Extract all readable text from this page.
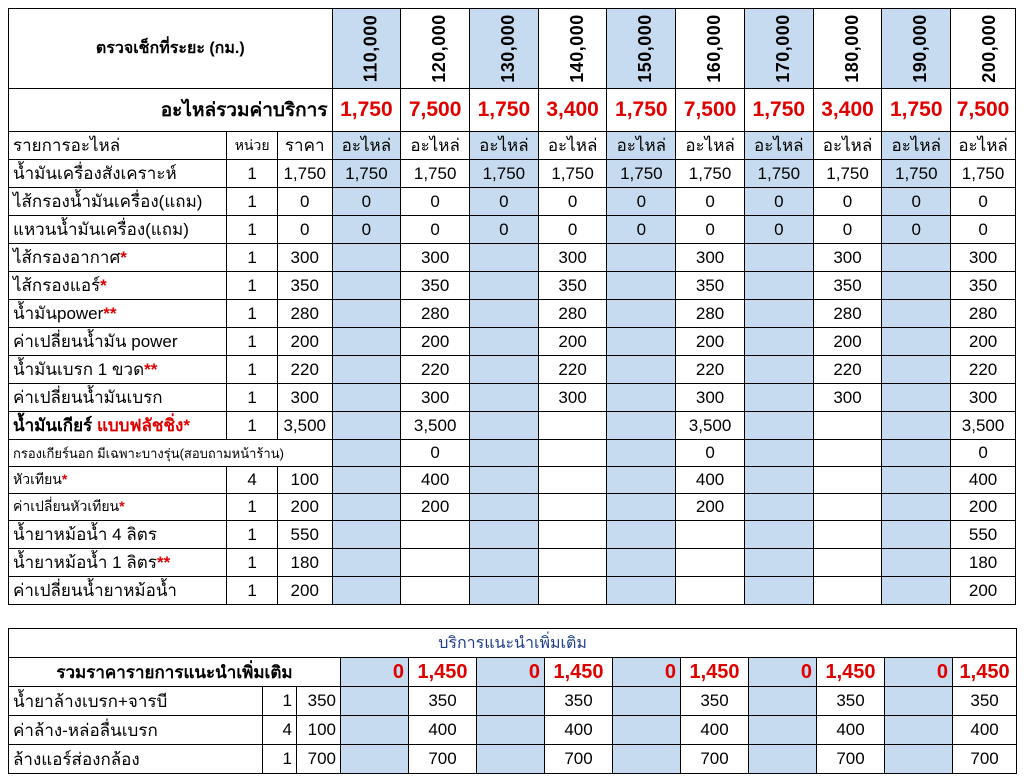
ตรวจเช็กที่ระยะ (กม.)			110,000	120,000	130,000	140,000	150,000	160,000	170,000	180,000	190,000	200,000
อะไหล่รวมค่าบริการ			1,750	7,500	1,750	3,400	1,750	7,500	1,750	3,400	1,750	7,500
รายการอะไหล่	หน่วย	ราคา	อะไหล่	อะไหล่	อะไหล่	อะไหล่	อะไหล่	อะไหล่	อะไหล่	อะไหล่	อะไหล่	อะไหล่
น้ำมันเครื่องสังเคราะห์	1	1,750	1,750	1,750	1,750	1,750	1,750	1,750	1,750	1,750	1,750	1,750
ไส้กรองน้ำมันเครื่อง(แถม)	1	0	0	0	0	0	0	0	0	0	0	0
แหวนน้ำมันเครื่อง(แถม)	1	0	0	0	0	0	0	0	0	0	0	0
ไส้กรองอากาศ*	1	300		300		300		300		300		300
ไส้กรองแอร์*	1	350		350		350		350		350		350
น้ำมันpower**	1	280		280		280		280		280		280
ค่าเปลี่ยนน้ำมัน power	1	200		200		200		200		200		200
น้ำมันเบรก 1 ขวด**	1	220		220		220		220		220		220
ค่าเปลี่ยนน้ำมันเบรก	1	300		300		300		300		300		300
น้ำมันเกียร์ แบบฟลัชชิ่ง*	1	3,500		3,500				3,500				3,500
กรองเกียร์นอก มีเฉพาะบางรุ่น(สอบถามหน้าร้าน)				0				0				0
หัวเทียน*	4	100		400				400				400
ค่าเปลี่ยนหัวเทียน*	1	200		200				200				200
น้ำยาหม้อน้ำ 4 ลิตร	1	550										550
น้ำยาหม้อน้ำ 1 ลิตร**	1	180										180
ค่าเปลี่ยนน้ำยาหม้อน้ำ	1	200										200
บริการแนะนำเพิ่มเติม												
รวมราคารายการแนะนำเพิ่มเติม			0	1,450	0	1,450	0	1,450	0	1,450	0	1,450
น้ำยาล้างเบรก+จารบี	1	350		350		350		350		350		350
ค่าล้าง-หล่อลื่นเบรก	4	100		400		400		400		400		400
ล้างแอร์ส่องกล้อง	1	700		700		700		700		700		700
